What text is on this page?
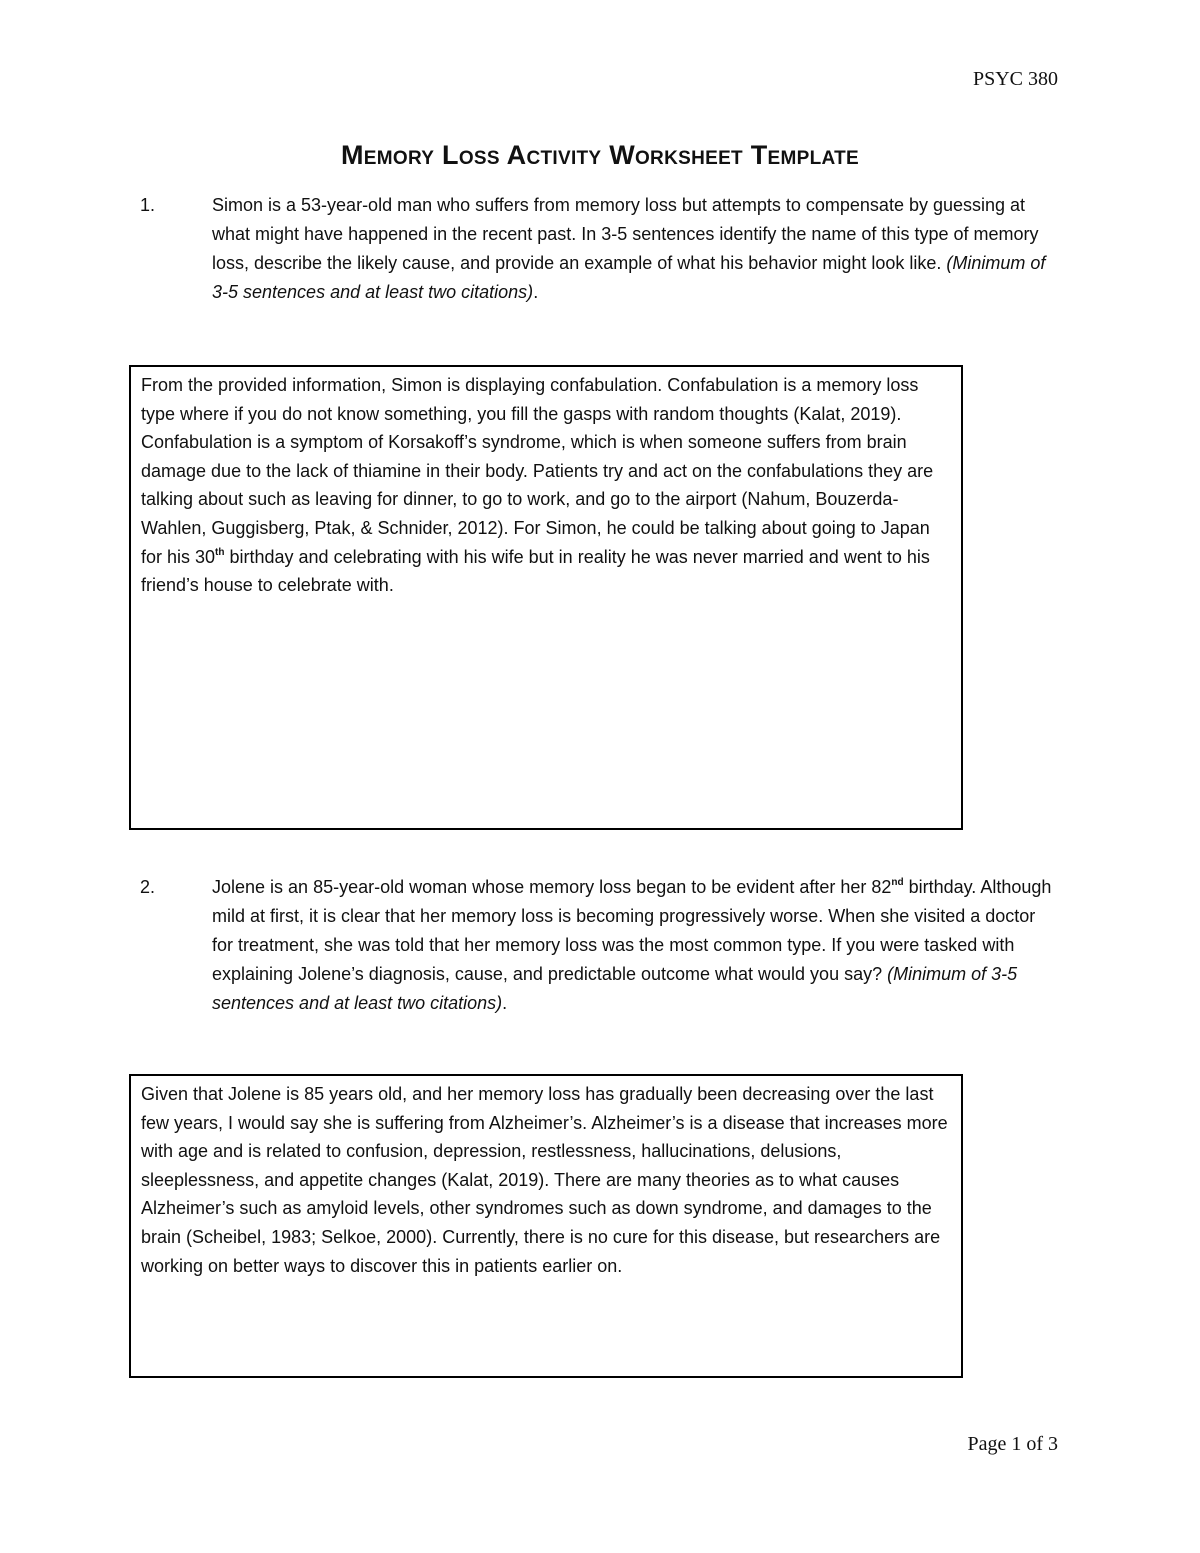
PSYC 380
Memory Loss Activity Worksheet Template
1.	Simon is a 53-year-old man who suffers from memory loss but attempts to compensate by guessing at what might have happened in the recent past. In 3-5 sentences identify the name of this type of memory loss, describe the likely cause, and provide an example of what his behavior might look like. (Minimum of 3-5 sentences and at least two citations).
From the provided information, Simon is displaying confabulation. Confabulation is a memory loss type where if you do not know something, you fill the gasps with random thoughts (Kalat, 2019). Confabulation is a symptom of Korsakoff’s syndrome, which is when someone suffers from brain damage due to the lack of thiamine in their body. Patients try and act on the confabulations they are talking about such as leaving for dinner, to go to work, and go to the airport (Nahum, Bouzerda-Wahlen, Guggisberg, Ptak, & Schnider, 2012). For Simon, he could be talking about going to Japan for his 30th birthday and celebrating with his wife but in reality he was never married and went to his friend’s house to celebrate with.
2.	Jolene is an 85-year-old woman whose memory loss began to be evident after her 82nd birthday. Although mild at first, it is clear that her memory loss is becoming progressively worse. When she visited a doctor for treatment, she was told that her memory loss was the most common type. If you were tasked with explaining Jolene’s diagnosis, cause, and predictable outcome what would you say? (Minimum of 3-5 sentences and at least two citations).
Given that Jolene is 85 years old, and her memory loss has gradually been decreasing over the last few years, I would say she is suffering from Alzheimer’s. Alzheimer’s is a disease that increases more with age and is related to confusion, depression, restlessness, hallucinations, delusions, sleeplessness, and appetite changes (Kalat, 2019). There are many theories as to what causes Alzheimer’s such as amyloid levels, other syndromes such as down syndrome, and damages to the brain (Scheibel, 1983; Selkoe, 2000). Currently, there is no cure for this disease, but researchers are working on better ways to discover this in patients earlier on.
Page 1 of 3
